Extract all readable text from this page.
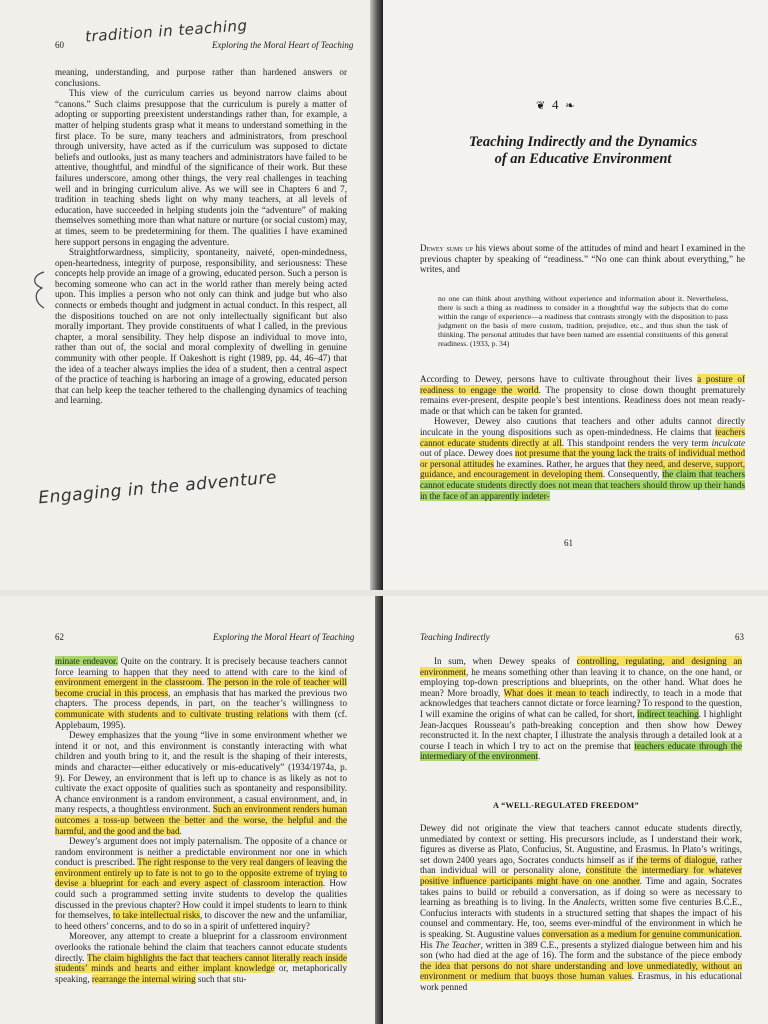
60	Exploring the Moral Heart of Teaching
tradition in teaching

meaning, understanding, and purpose rather than hardened answers or conclusions.

This view of the curriculum carries us beyond narrow claims about “canons.” Such claims presuppose that the curriculum is purely a matter of adopting or supporting preexistent understandings rather than, for example, a matter of helping students grasp what it means to understand something in the first place. To be sure, many teachers and administrators, from preschool through university, have acted as if the curriculum was supposed to dictate beliefs and outlooks, just as many teachers and administrators have failed to be attentive, thoughtful, and mindful of the significance of their work. But these failures underscore, among other things, the very real challenges in teaching well and in bringing curriculum alive. As we will see in Chapters 6 and 7, tradition in teaching sheds light on why many teachers, at all levels of education, have succeeded in helping students join the “adventure” of making themselves something more than what nature or nurture (or social custom) may, at times, seem to be predetermining for them. The qualities I have examined here support persons in engaging the adventure.

Straightforwardness, simplicity, spontaneity, naiveté, open-mindedness, open-heartedness, integrity of purpose, responsibility, and seriousness: These concepts help provide an image of a growing, educated person. Such a person is becoming someone who can act in the world rather than merely being acted upon. This implies a person who not only can think and judge but who also connects or embeds thought and judgment in actual conduct. In this respect, all the dispositions touched on are not only intellectually significant but also morally important. They provide constituents of what I called, in the previous chapter, a moral sensibility. They help dispose an individual to move into, rather than out of, the social and moral complexity of dwelling in genuine community with other people. If Oakeshott is right (1989, pp. 44, 46–47) that the idea of a teacher always implies the idea of a student, then a central aspect of the practice of teaching is harboring an image of a growing, educated person that can help keep the teacher tethered to the challenging dynamics of teaching and learning.

Engaging in the adventure
❦ 4 ❧
Teaching Indirectly and the Dynamics
of an Educative Environment

Dewey sums up his views about some of the attitudes of mind and heart I examined in the previous chapter by speaking of “readiness.” “No one can think about everything,” he writes, and

no one can think about anything without experience and information about it. Nevertheless, there is such a thing as readiness to consider in a thoughtful way the subjects that do come within the range of experience—a readiness that contrasts strongly with the disposition to pass judgment on the basis of mere custom, tradition, prejudice, etc., and thus shun the task of thinking. The personal attitudes that have been named are essential constituents of this general readiness. (1933, p. 34)

According to Dewey, persons have to cultivate throughout their lives a posture of readiness to engage the world. The propensity to close down thought prematurely remains ever-present, despite people’s best intentions. Readiness does not mean ready-made or that which can be taken for granted.

However, Dewey also cautions that teachers and other adults cannot directly inculcate in the young dispositions such as open-mindedness. He claims that teachers cannot educate students directly at all. This standpoint renders the very term inculcate out of place. Dewey does not presume that the young lack the traits of individual method or personal attitudes he examines. Rather, he argues that they need, and deserve, support, guidance, and encouragement in developing them. Consequently, the claim that teachers cannot educate students directly does not mean that teachers should throw up their hands in the face of an apparently indeter-

61
62	Exploring the Moral Heart of Teaching

minate endeavor. Quite on the contrary. It is precisely because teachers cannot force learning to happen that they need to attend with care to the kind of environment emergent in the classroom. The person in the role of teacher will become crucial in this process, an emphasis that has marked the previous two chapters. The process depends, in part, on the teacher’s willingness to communicate with students and to cultivate trusting relations with them (cf. Applebaum, 1995).

Dewey emphasizes that the young “live in some environment whether we intend it or not, and this environment is constantly interacting with what children and youth bring to it, and the result is the shaping of their interests, minds and character—either educatively or mis-educatively” (1934/1974a, p. 9). For Dewey, an environment that is left up to chance is as likely as not to cultivate the exact opposite of qualities such as spontaneity and responsibility. A chance environment is a random environment, a casual environment, and, in many respects, a thoughtless environment. Such an environment renders human outcomes a toss-up between the better and the worse, the helpful and the harmful, and the good and the bad.

Dewey’s argument does not imply paternalism. The opposite of a chance or random environment is neither a predictable environment nor one in which conduct is prescribed. The right response to the very real dangers of leaving the environment entirely up to fate is not to go to the opposite extreme of trying to devise a blueprint for each and every aspect of classroom interaction. How could such a programmed setting invite students to develop the qualities discussed in the previous chapter? How could it impel students to learn to think for themselves, to take intellectual risks, to discover the new and the unfamiliar, to heed others’ concerns, and to do so in a spirit of unfettered inquiry?

Moreover, any attempt to create a blueprint for a classroom environment overlooks the rationale behind the claim that teachers cannot educate students directly. The claim highlights the fact that teachers cannot literally reach inside students’ minds and hearts and either implant knowledge or, metaphorically speaking, rearrange the internal wiring such that stu-

Teaching Indirectly	63

In sum, when Dewey speaks of controlling, regulating, and designing an environment, he means something other than leaving it to chance, on the one hand, or employing top-down prescriptions and blueprints, on the other hand. What does he mean? More broadly, What does it mean to teach indirectly, to teach in a mode that acknowledges that teachers cannot dictate or force learning? To respond to the question, I will examine the origins of what can be called, for short, indirect teaching. I highlight Jean-Jacques Rousseau’s path-breaking conception and then show how Dewey reconstructed it. In the next chapter, I illustrate the analysis through a detailed look at a course I teach in which I try to act on the premise that teachers educate through the intermediary of the environment.

A “WELL-REGULATED FREEDOM”

Dewey did not originate the view that teachers cannot educate students directly, unmediated by context or setting. His precursors include, as I understand their work, figures as diverse as Plato, Confucius, St. Augustine, and Erasmus. In Plato’s writings, set down 2400 years ago, Socrates conducts himself as if the terms of dialogue, rather than individual will or personality alone, constitute the intermediary for whatever positive influence participants might have on one another. Time and again, Socrates takes pains to build or rebuild a conversation, as if doing so were as necessary to learning as breathing is to living. In the Analects, written some five centuries B.C.E., Confucius interacts with students in a structured setting that shapes the impact of his counsel and commentary. He, too, seems ever-mindful of the environment in which he is speaking. St. Augustine values conversation as a medium for genuine communication. His The Teacher, written in 389 C.E., presents a stylized dialogue between him and his son (who had died at the age of 16). The form and the substance of the piece embody the idea that persons do not share understanding and love unmediatedly, without an environment or medium that buoys those human values. Erasmus, in his educational work penned
